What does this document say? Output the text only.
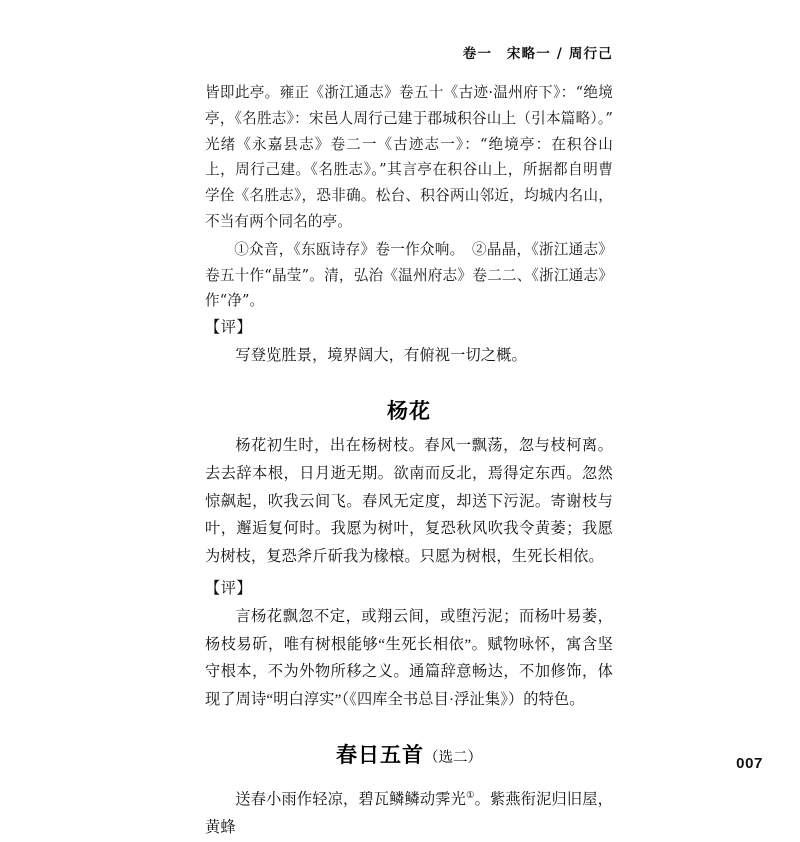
卷一　宋略一 / 周行己

皆即此亭。雍正《浙江通志》卷五十《古迹·温州府下》：“绝境亭，《名胜志》：宋邑人周行己建于郡城积谷山上（引本篇略）。”光绪《永嘉县志》卷二一《古迹志一》：“绝境亭：在积谷山上，周行己建。《名胜志》。”其言亭在积谷山上，所据都自明曹学佺《名胜志》，恐非确。松台、积谷两山邻近，均城内名山，不当有两个同名的亭。

①众音，《东瓯诗存》卷一作众响。　②晶晶，《浙江通志》卷五十作“晶莹”。清，弘治《温州府志》卷二二、《浙江通志》作“净”。

【评】

写登览胜景，境界阔大，有俯视一切之概。

杨花

杨花初生时，出在杨树枝。春风一飘荡，忽与枝柯离。去去辞本根，日月逝无期。欲南而反北，焉得定东西。忽然惊飙起，吹我云间飞。春风无定度，却送下污泥。寄谢枝与叶，邂逅复何时。我愿为树叶，复恐秋风吹我令黄萎；我愿为树枝，复恐斧斤斫我为椽榱。只愿为树根，生死长相依。

【评】

言杨花飘忽不定，或翔云间，或堕污泥；而杨叶易萎，杨枝易斫，唯有树根能够“生死长相依”。赋物咏怀，寓含坚守根本，不为外物所移之义。通篇辞意畅达，不加修饰，体现了周诗“明白淳实”（《四库全书总目·浮沚集》）的特色。

春日五首（选二）

送春小雨作轻凉，碧瓦鳞鳞动霁光①。紫燕衔泥归旧屋，黄蜂

007
